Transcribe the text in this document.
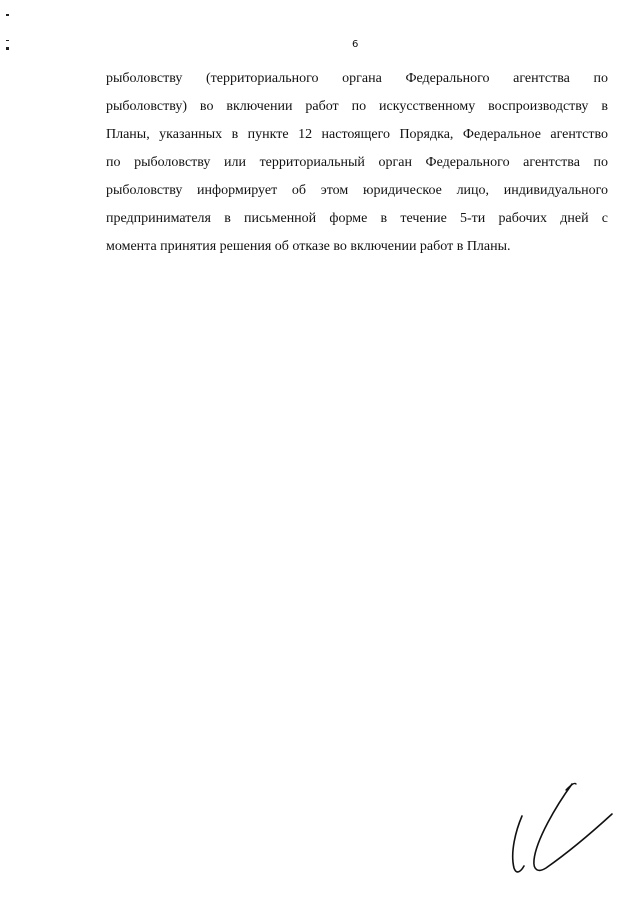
6
рыболовству (территориального органа Федерального агентства по
рыболовству) во включении работ по искусственному воспроизводству в
Планы, указанных в пункте 12 настоящего Порядка, Федеральное агентство
по рыболовству или территориальный орган Федерального агентства по
рыболовству информирует об этом юридическое лицо, индивидуального
предпринимателя в письменной форме в течение 5-ти рабочих дней с
момента принятия решения об отказе во включении работ в Планы.
